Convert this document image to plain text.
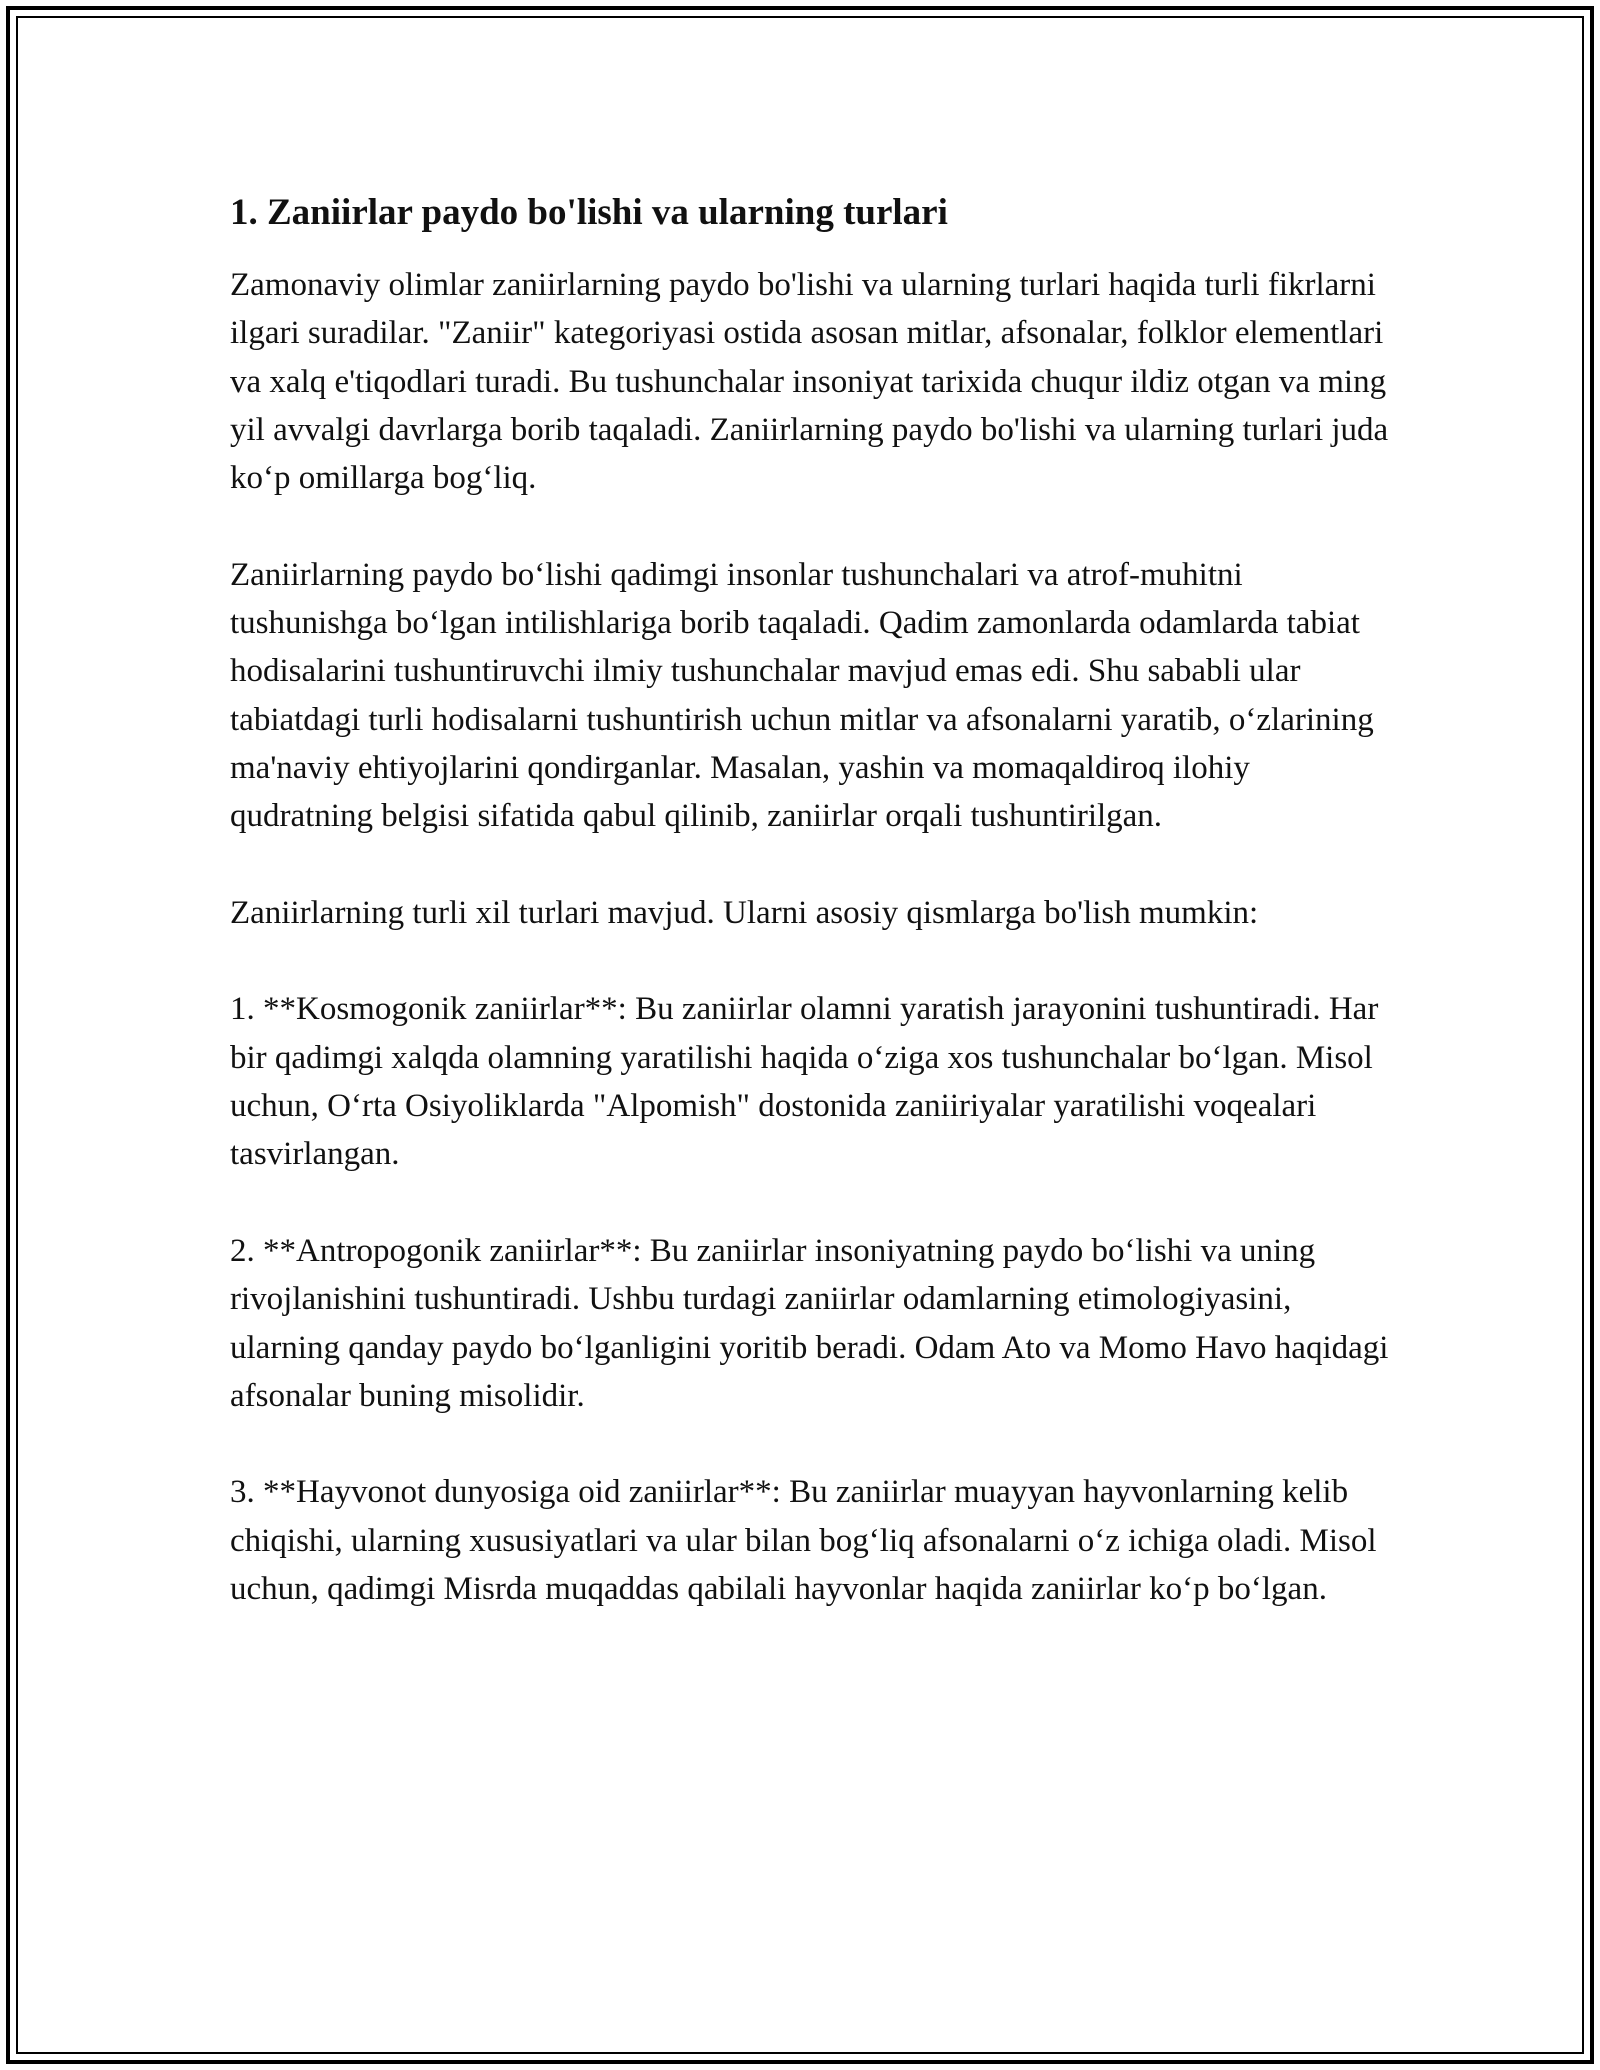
1. Zaniirlar paydo bo'lishi va ularning turlari

Zamonaviy olimlar zaniirlarning paydo bo'lishi va ularning turlari haqida turli fikrlarni ilgari suradilar. "Zaniir" kategoriyasi ostida asosan mitlar, afsonalar, folklor elementlari va xalq e'tiqodlari turadi. Bu tushunchalar insoniyat tarixida chuqur ildiz otgan va ming yil avvalgi davrlarga borib taqaladi. Zaniirlarning paydo bo'lishi va ularning turlari juda ko‘p omillarga bog‘liq.

Zaniirlarning paydo bo‘lishi qadimgi insonlar tushunchalari va atrof-muhitni tushunishga bo‘lgan intilishlariga borib taqaladi. Qadim zamonlarda odamlarda tabiat hodisalarini tushuntiruvchi ilmiy tushunchalar mavjud emas edi. Shu sababli ular tabiatdagi turli hodisalarni tushuntirish uchun mitlar va afsonalarni yaratib, o‘zlarining ma'naviy ehtiyojlarini qondirganlar. Masalan, yashin va momaqaldiroq ilohiy qudratning belgisi sifatida qabul qilinib, zaniirlar orqali tushuntirilgan.

Zaniirlarning turli xil turlari mavjud. Ularni asosiy qismlarga bo'lish mumkin:

1. **Kosmogonik zaniirlar**: Bu zaniirlar olamni yaratish jarayonini tushuntiradi. Har bir qadimgi xalqda olamning yaratilishi haqida o‘ziga xos tushunchalar bo‘lgan. Misol uchun, O‘rta Osiyoliklarda "Alpomish" dostonida zaniiriyalar yaratilishi voqealari tasvirlangan.

2. **Antropogonik zaniirlar**: Bu zaniirlar insoniyatning paydo bo‘lishi va uning rivojlanishini tushuntiradi. Ushbu turdagi zaniirlar odamlarning etimologiyasini, ularning qanday paydo bo‘lganligini yoritib beradi. Odam Ato va Momo Havo haqidagi afsonalar buning misolidir.

3. **Hayvonot dunyosiga oid zaniirlar**: Bu zaniirlar muayyan hayvonlarning kelib chiqishi, ularning xususiyatlari va ular bilan bog‘liq afsonalarni o‘z ichiga oladi. Misol uchun, qadimgi Misrda muqaddas qabilali hayvonlar haqida zaniirlar ko‘p bo‘lgan.
